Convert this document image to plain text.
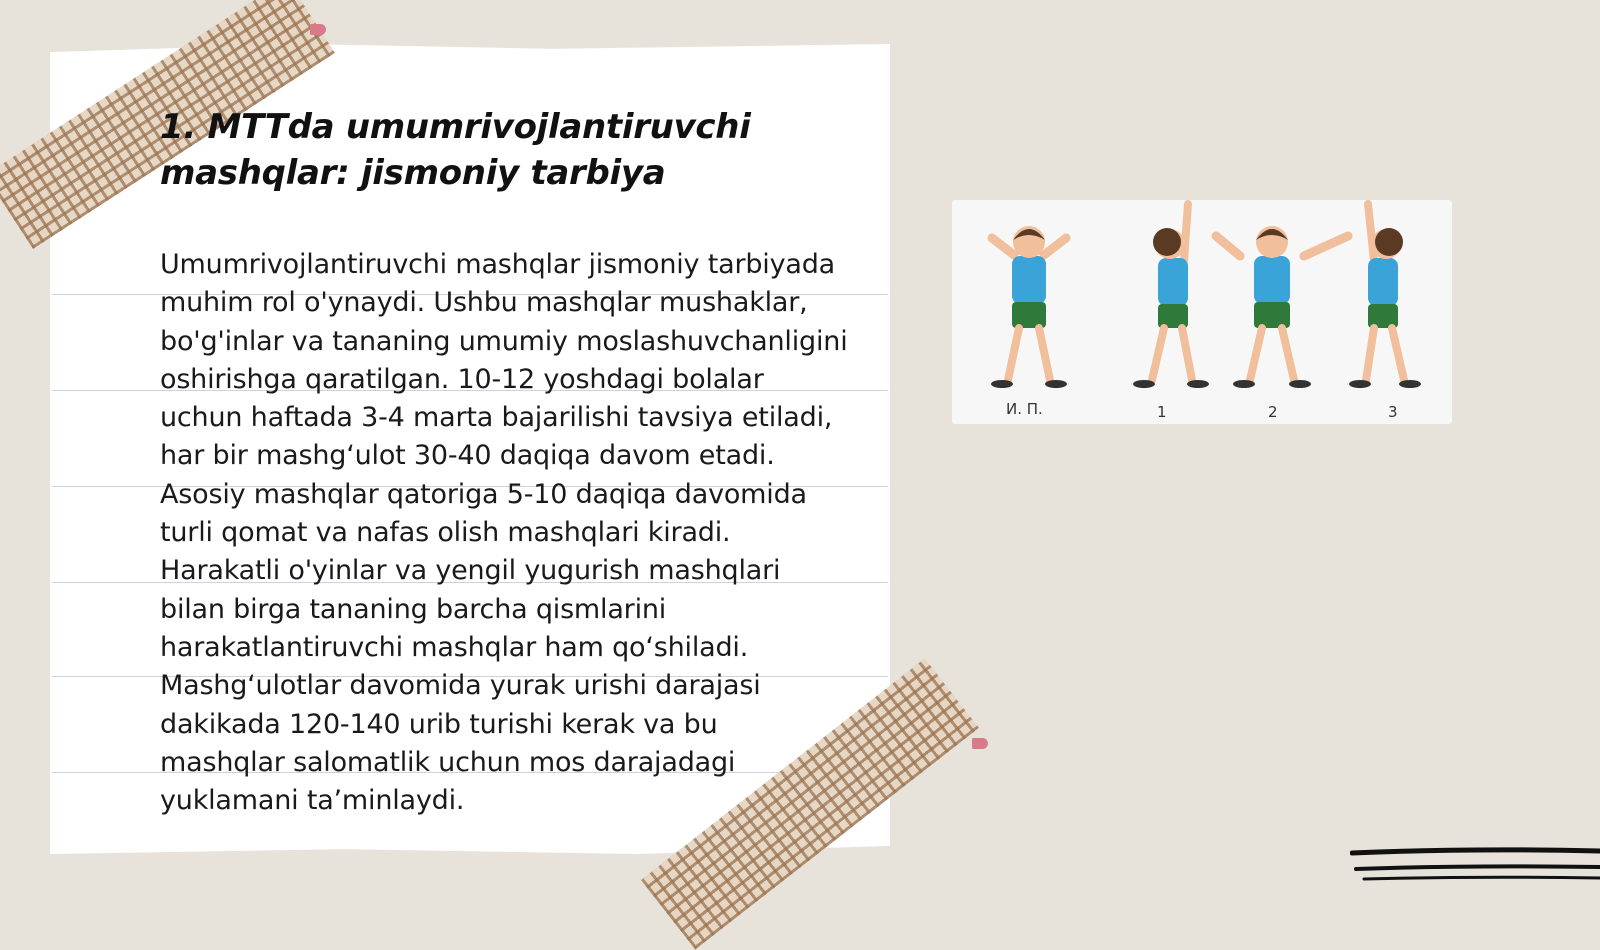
1. MTTda umumrivojlantiruvchi mashqlar: jismoniy tarbiya

Umumrivojlantiruvchi mashqlar jismoniy tarbiyada muhim rol o'ynaydi. Ushbu mashqlar mushaklar, bo'g'inlar va tananing umumiy moslashuvchanligini oshirishga qaratilgan. 10-12 yoshdagi bolalar uchun haftada 3-4 marta bajarilishi tavsiya etiladi, har bir mashg‘ulot 30-40 daqiqa davom etadi. Asosiy mashqlar qatoriga 5-10 daqiqa davomida turli qomat va nafas olish mashqlari kiradi. Harakatli o'yinlar va yengil yugurish mashqlari bilan birga tananing barcha qismlarini harakatlantiruvchi mashqlar ham qo‘shiladi. Mashg‘ulotlar davomida yurak urishi darajasi dakikada 120-140 urib turishi kerak va bu mashqlar salomatlik uchun mos darajadagi yuklamani ta’minlaydi.

И. П.	1	2	3
